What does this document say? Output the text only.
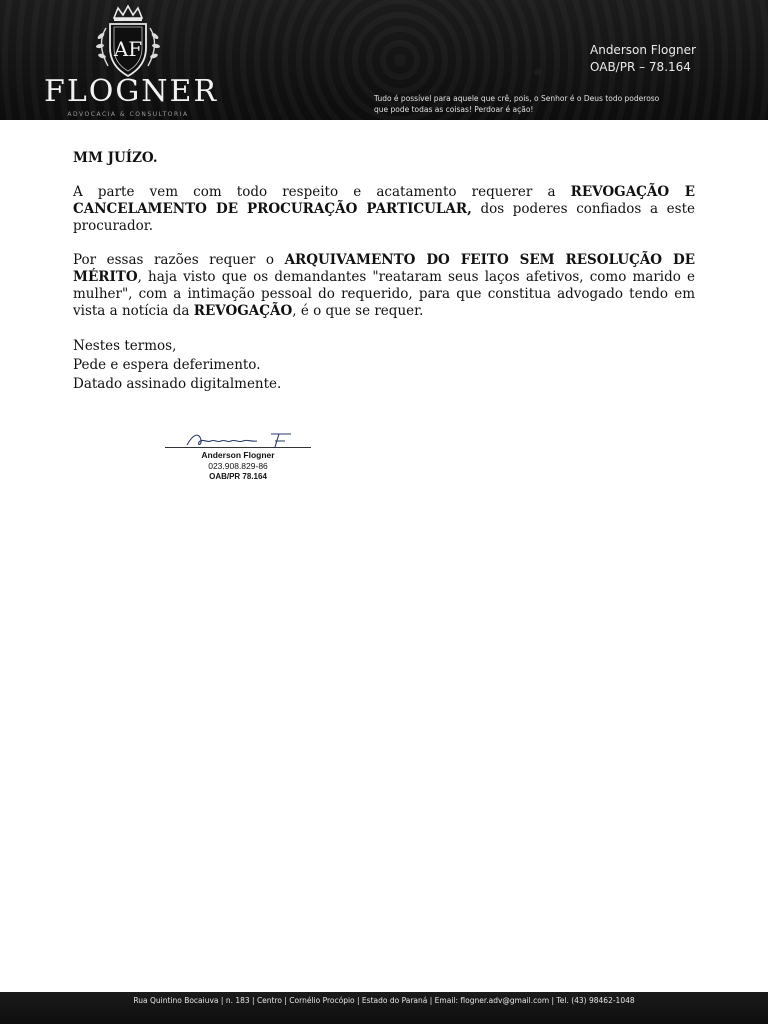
AF
FLOGNER
ADVOCACIA & CONSULTORIA
Anderson Flogner
OAB/PR – 78.164
Tudo é possível para aquele que crê, pois, o Senhor é o Deus todo poderoso
que pode todas as coisas! Perdoar é ação!

MM JUÍZO.

A parte vem com todo respeito e acatamento requerer a REVOGAÇÃO E CANCELAMENTO DE PROCURAÇÃO PARTICULAR, dos poderes confiados a este procurador.

Por essas razões requer o ARQUIVAMENTO DO FEITO SEM RESOLUÇÃO DE MÉRITO, haja visto que os demandantes "reataram seus laços afetivos, como marido e mulher", com a intimação pessoal do requerido, para que constitua advogado tendo em vista a notícia da REVOGAÇÃO, é o que se requer.

Nestes termos,
Pede e espera deferimento.
Datado assinado digitalmente.

Anderson Flogner
023.908.829-86
OAB/PR 78.164
Rua Quintino Bocaiuva | n. 183 | Centro | Cornélio Procópio | Estado do Paraná | Email: flogner.adv@gmail.com | Tel. (43) 98462-1048
